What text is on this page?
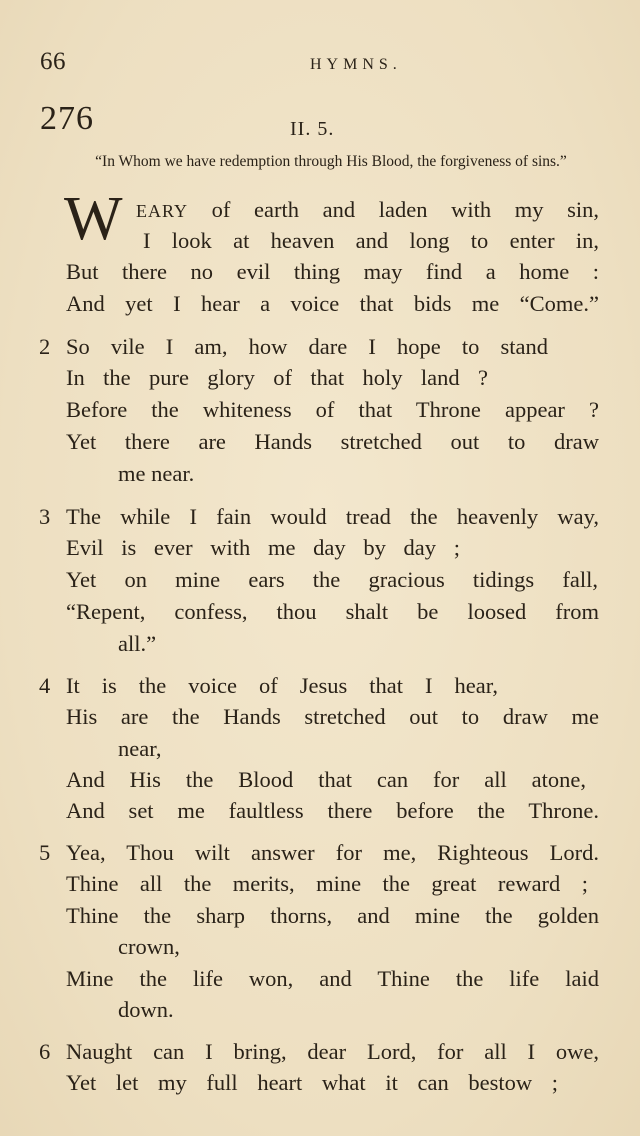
66	HYMNS.
276	II. 5.
“In Whom we have redemption through His Blood, the forgiveness of sins.”
W EARY of earth and laden with my sin,
I look at heaven and long to enter in,
But there no evil thing may find a home :
And yet I hear a voice that bids me “Come.”
2 So vile I am, how dare I hope to stand
In the pure glory of that holy land ?
Before the whiteness of that Throne appear ?
Yet there are Hands stretched out to draw
me near.
3 The while I fain would tread the heavenly way,
Evil is ever with me day by day ;
Yet on mine ears the gracious tidings fall,
“Repent, confess, thou shalt be loosed from
all.”
4 It is the voice of Jesus that I hear,
His are the Hands stretched out to draw me
near,
And His the Blood that can for all atone,
And set me faultless there before the Throne.
5 Yea, Thou wilt answer for me, Righteous Lord.
Thine all the merits, mine the great reward ;
Thine the sharp thorns, and mine the golden
crown,
Mine the life won, and Thine the life laid
down.
6 Naught can I bring, dear Lord, for all I owe,
Yet let my full heart what it can bestow ;
